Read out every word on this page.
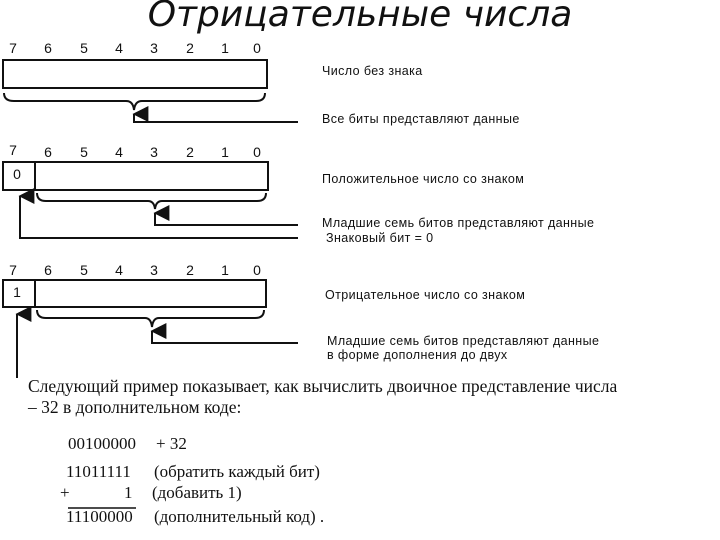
Отрицательные числа
7	6	5	4	3	2	1	0
Число без знака
Все биты представляют данные
7	6	5	4	3	2	1	0
0	Положительное число со знаком
Младшие семь битов представляют данные
Знаковый бит = 0
7	6	5	4	3	2	1	0
1	Отрицательное число со знаком
Младшие семь битов представляют данные
в форме дополнения до двух
Следующий пример показывает, как вычислить двоичное представление числа
– 32 в дополнительном коде:
00100000 + 32
11011111 (обратить каждый бит)
+	1 (добавить 1)
11100000 (дополнительный код) .
